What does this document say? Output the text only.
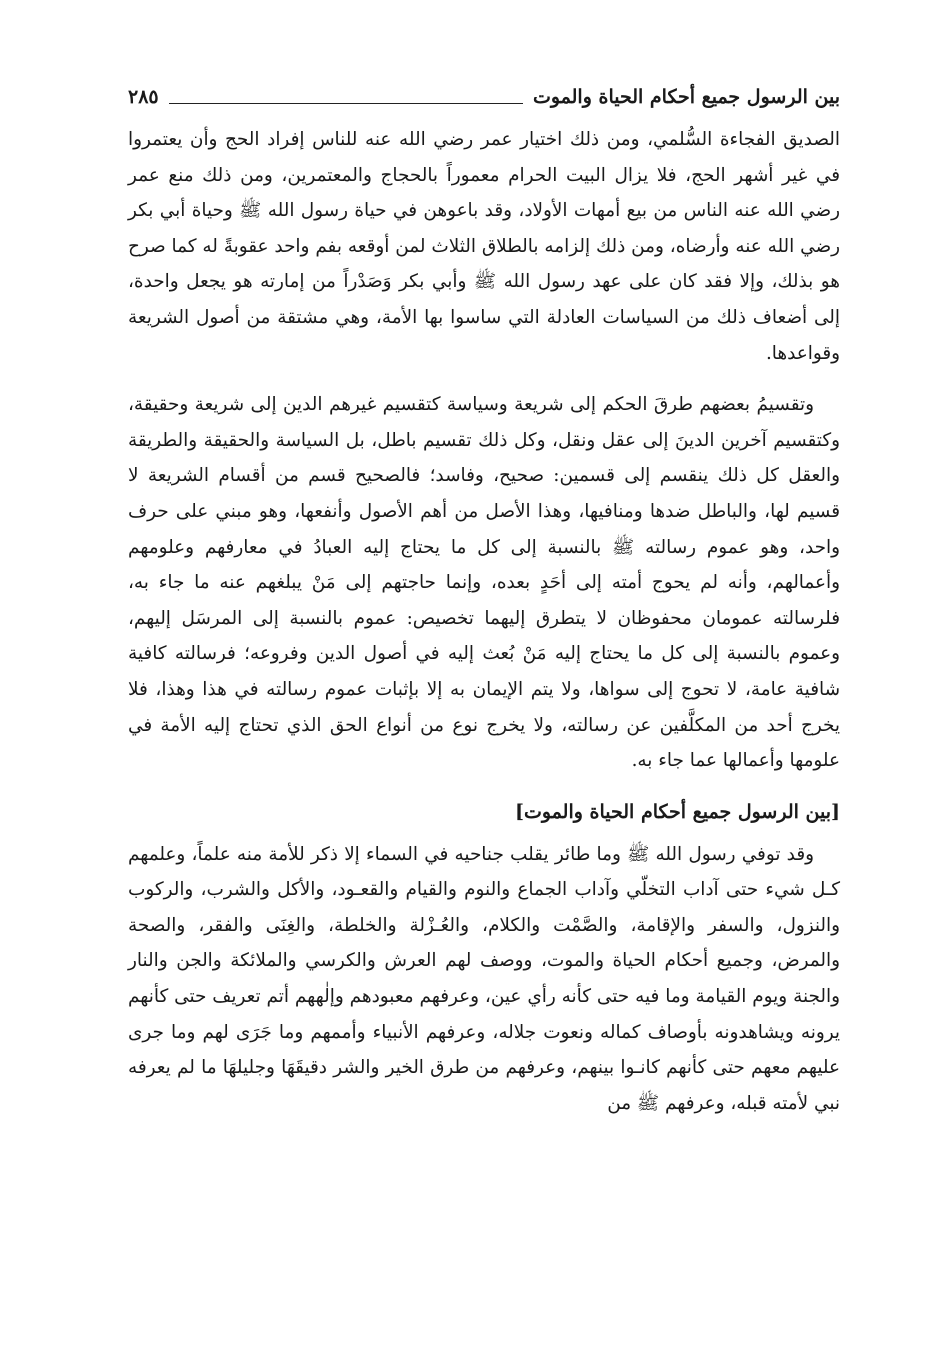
بين الرسول جميع أحكام الحياة والموت
٢٨٥

الصديق الفجاءة السُّلمي، ومن ذلك اختيار عمر رضي الله عنه للناس إفراد الحج وأن يعتمروا في غير أشهر الحج، فلا يزال البيت الحرام معموراً بالحجاج والمعتمرين، ومن ذلك منع عمر رضي الله عنه الناس من بيع أمهات الأولاد، وقد باعوهن في حياة رسول الله ﷺ وحياة أبي بكر رضي الله عنه وأرضاه، ومن ذلك إلزامه بالطلاق الثلاث لمن أوقعه بفم واحد عقوبةً له كما صرح هو بذلك، وإلا فقد كان على عهد رسول الله ﷺ وأبي بكر وَصَدْراً من إمارته هو يجعل واحدة، إلى أضعاف ذلك من السياسات العادلة التي ساسوا بها الأمة، وهي مشتقة من أصول الشريعة وقواعدها.

وتقسيمُ بعضهم طرقَ الحكم إلى شريعة وسياسة كتقسيم غيرهم الدين إلى شريعة وحقيقة، وكتقسيم آخرين الدينَ إلى عقل ونقل، وكل ذلك تقسيم باطل، بل السياسة والحقيقة والطريقة والعقل كل ذلك ينقسم إلى قسمين: صحيح، وفاسد؛ فالصحيح قسم من أقسام الشريعة لا قسيم لها، والباطل ضدها ومنافيها، وهذا الأصل من أهم الأصول وأنفعها، وهو مبني على حرف واحد، وهو عموم رسالته ﷺ بالنسبة إلى كل ما يحتاج إليه العبادُ في معارفهم وعلومهم وأعمالهم، وأنه لم يحوج أمته إلى أحَدٍ بعده، وإنما حاجتهم إلى مَنْ يبلغهم عنه ما جاء به، فلرسالته عمومان محفوظان لا يتطرق إليهما تخصيص: عموم بالنسبة إلى المرسَل إليهم، وعموم بالنسبة إلى كل ما يحتاج إليه مَنْ بُعث إليه في أصول الدين وفروعه؛ فرسالته كافية شافية عامة، لا تحوج إلى سواها، ولا يتم الإيمان به إلا بإثبات عموم رسالته في هذا وهذا، فلا يخرج أحد من المكلَّفين عن رسالته، ولا يخرج نوع من أنواع الحق الذي تحتاج إليه الأمة في علومها وأعمالها عما جاء به.

[بين الرسول جميع أحكام الحياة والموت]

وقد توفي رسول الله ﷺ وما طائر يقلب جناحيه في السماء إلا ذكر للأمة منه علماً، وعلمهم كـل شيء حتى آداب التخلّي وآداب الجماع والنوم والقيام والقعـود، والأكل والشرب، والركوب والنزول، والسفر والإقامة، والصَّمْت والكلام، والعُـزْلة والخلطة، والغِنَى والفقر، والصحة والمرض، وجميع أحكام الحياة والموت، ووصف لهم العرش والكرسي والملائكة والجن والنار والجنة ويوم القيامة وما فيه حتى كأنه رأي عين، وعرفهم معبودهم وإلٰههم أتم تعريف حتى كأنهم يرونه ويشاهدونه بأوصاف كماله ونعوت جلاله، وعرفهم الأنبياء وأممهم وما جَرَى لهم وما جرى عليهم معهم حتى كأنهم كانـوا بينهم، وعرفهم من طرق الخير والشر دقيقَهَا وجليلهَا ما لم يعرفه نبي لأمته قبله، وعرفهم ﷺ من
